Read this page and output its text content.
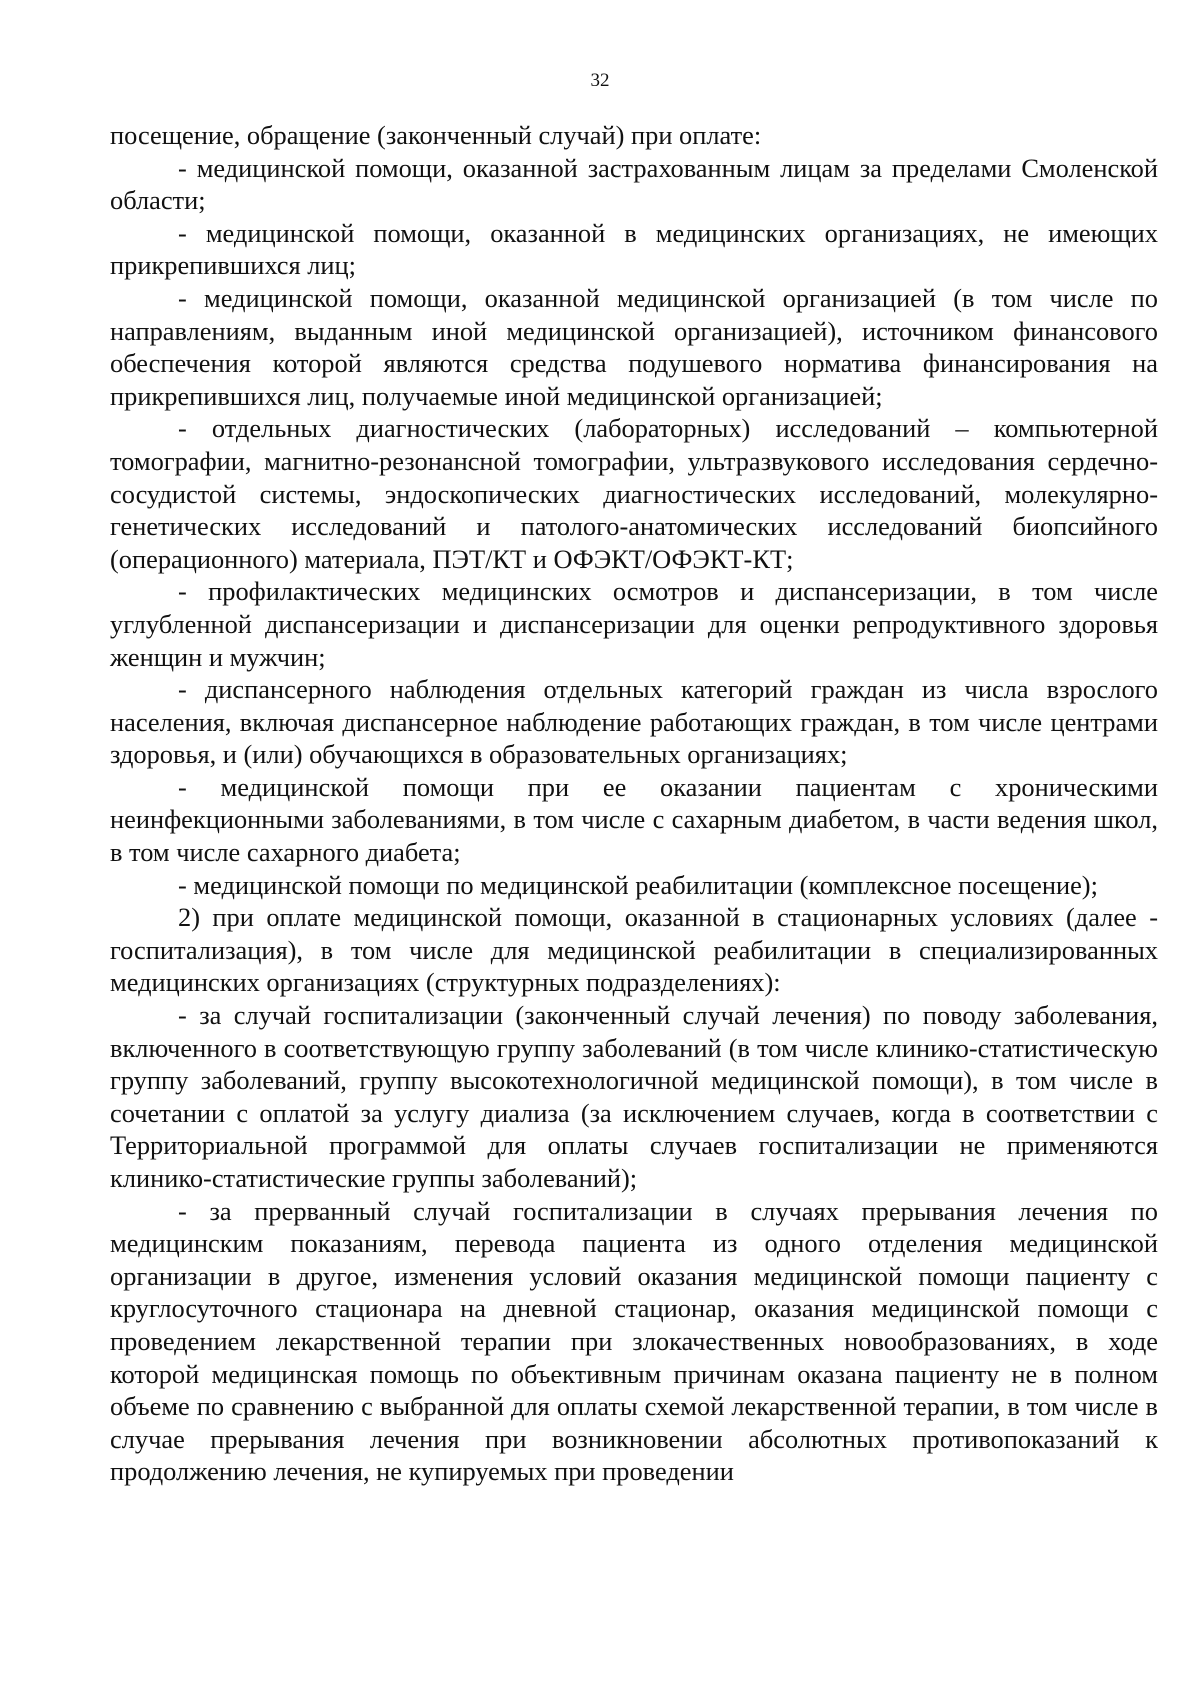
32

посещение, обращение (законченный случай) при оплате:

- медицинской помощи, оказанной застрахованным лицам за пределами Смоленской области;

- медицинской помощи, оказанной в медицинских организациях, не имеющих прикрепившихся лиц;

- медицинской помощи, оказанной медицинской организацией (в том числе по направлениям, выданным иной медицинской организацией), источником финансового обеспечения которой являются средства подушевого норматива финансирования на прикрепившихся лиц, получаемые иной медицинской организацией;

- отдельных диагностических (лабораторных) исследований – компьютерной томографии, магнитно-резонансной томографии, ультразвукового исследования сердечно-сосудистой системы, эндоскопических диагностических исследований, молекулярно-генетических исследований и патолого-анатомических исследований биопсийного (операционного) материала, ПЭТ/КТ и ОФЭКТ/ОФЭКТ-КТ;

- профилактических медицинских осмотров и диспансеризации, в том числе углубленной диспансеризации и диспансеризации для оценки репродуктивного здоровья женщин и мужчин;

- диспансерного наблюдения отдельных категорий граждан из числа взрослого населения, включая диспансерное наблюдение работающих граждан, в том числе центрами здоровья, и (или) обучающихся в образовательных организациях;

- медицинской помощи при ее оказании пациентам с хроническими неинфекционными заболеваниями, в том числе с сахарным диабетом, в части ведения школ, в том числе сахарного диабета;

- медицинской помощи по медицинской реабилитации (комплексное посещение);

2) при оплате медицинской помощи, оказанной в стационарных условиях (далее - госпитализация), в том числе для медицинской реабилитации в специализированных медицинских организациях (структурных подразделениях):

- за случай госпитализации (законченный случай лечения) по поводу заболевания, включенного в соответствующую группу заболеваний (в том числе клинико-статистическую группу заболеваний, группу высокотехнологичной медицинской помощи), в том числе в сочетании с оплатой за услугу диализа (за исключением случаев, когда в соответствии с Территориальной программой для оплаты случаев госпитализации не применяются клинико-статистические группы заболеваний);

- за прерванный случай госпитализации в случаях прерывания лечения по медицинским показаниям, перевода пациента из одного отделения медицинской организации в другое, изменения условий оказания медицинской помощи пациенту с круглосуточного стационара на дневной стационар, оказания медицинской помощи с проведением лекарственной терапии при злокачественных новообразованиях, в ходе которой медицинская помощь по объективным причинам оказана пациенту не в полном объеме по сравнению с выбранной для оплаты схемой лекарственной терапии, в том числе в случае прерывания лечения при возникновении абсолютных противопоказаний к продолжению лечения, не купируемых при проведении
